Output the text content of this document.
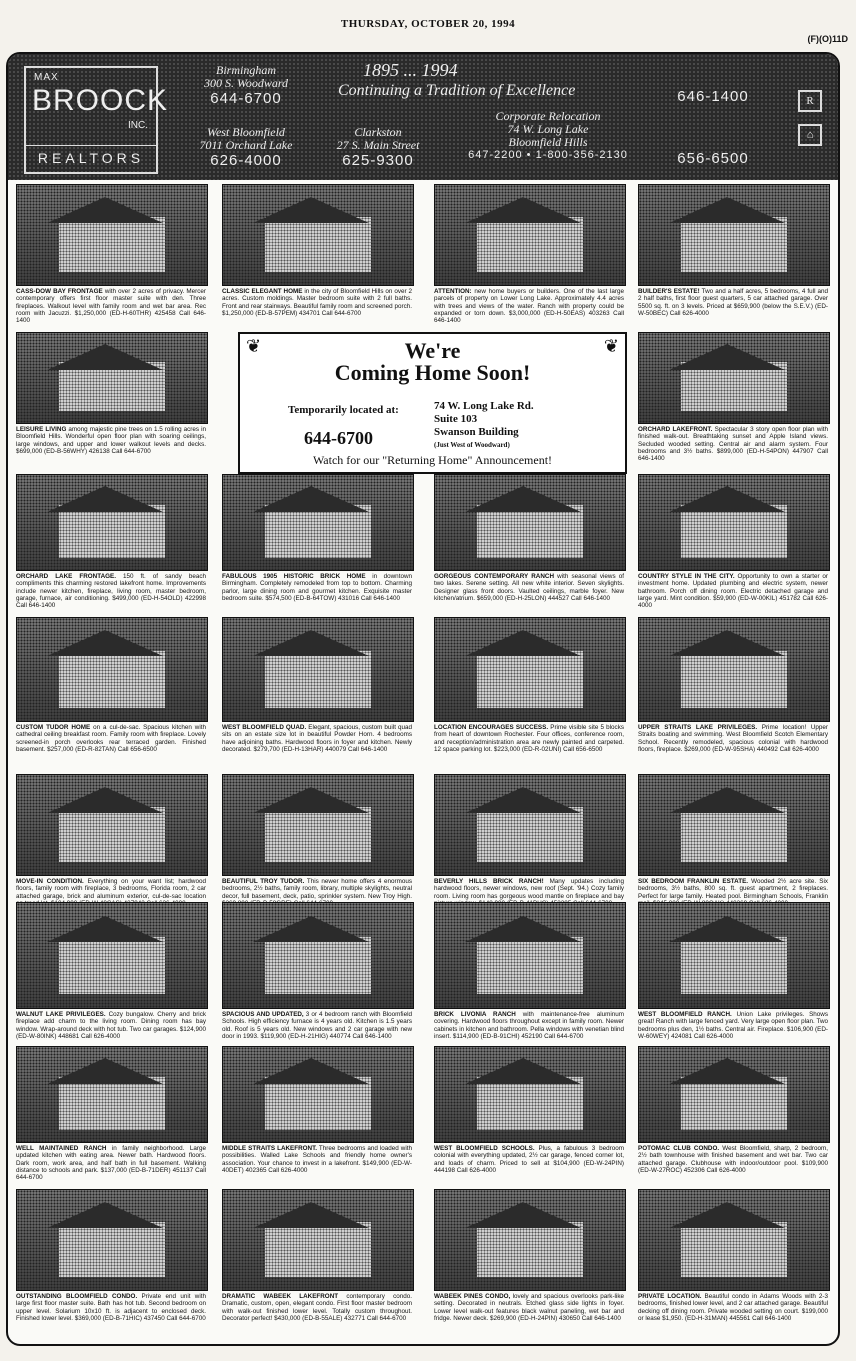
THURSDAY, OCTOBER 20, 1994
(F)(O)11D
MAX
BROOCK
INC.
REALTORS
Birmingham
300 S. Woodward
644-6700
West Bloomfield
7011 Orchard Lake
626-4000
Clarkston
27 S. Main Street
625-9300
Corporate Relocation
74 W. Long Lake
Bloomfield Hills
647-2200 • 1-800-356-2130
646-1400
656-6500
1895 ... 1994
Continuing a Tradition of Excellence
R
⌂
CASS-DOW BAY FRONTAGE with over 2 acres of privacy. Mercer contemporary offers first floor master suite with den. Three fireplaces. Walkout level with family room and wet bar area. Rec room with Jacuzzi. $1,250,000 (ED-H-60THR) 425458 Call 646-1400
CLASSIC ELEGANT HOME in the city of Bloomfield Hills on over 2 acres. Custom moldings. Master bedroom suite with 2 full baths. Front and rear stairways. Beautiful family room and screened porch. $1,250,000 (ED-B-57PEM) 434701 Call 644-6700
ATTENTION: new home buyers or builders. One of the last large parcels of property on Lower Long Lake. Approximately 4.4 acres with trees and views of the water. Ranch with property could be expanded or torn down. $3,000,000 (ED-H-50EAS) 403263 Call 646-1400
BUILDER'S ESTATE! Two and a half acres, 5 bedrooms, 4 full and 2 half baths, first floor guest quarters, 5 car attached garage. Over 5500 sq. ft. on 3 levels. Priced at $659,900 (below the S.E.V.) (ED-W-50BEC) Call 626-4000
LEISURE LIVING among majestic pine trees on 1.5 rolling acres in Bloomfield Hills. Wonderful open floor plan with soaring ceilings, large windows, and upper and lower walkout levels and decks. $699,000 (ED-B-56WHY) 426138 Call 644-6700
ORCHARD LAKEFRONT. Spectacular 3 story open floor plan with finished walk-out. Breathtaking sunset and Apple Island views. Secluded wooded setting. Central air and alarm system. Four bedrooms and 3½ baths. $899,000 (ED-H-54PON) 447907 Call 646-1400
ORCHARD LAKE FRONTAGE. 150 ft. of sandy beach compliments this charming restored lakefront home. Improvements include newer kitchen, fireplace, living room, master bedroom, garage, furnace, air conditioning. $499,000 (ED-H-54OLD) 422998 Call 646-1400
FABULOUS 1905 HISTORIC BRICK HOME in downtown Birmingham. Completely remodeled from top to bottom. Charming parlor, large dining room and gourmet kitchen. Exquisite master bedroom suite. $574,500 (ED-B-64TOW) 431016 Call 646-1400
GORGEOUS CONTEMPORARY RANCH with seasonal views of two lakes. Serene setting. All new white interior. Seven skylights. Designer glass front doors. Vaulted ceilings, marble foyer. New kitchen/atrium. $659,000 (ED-H-25LON) 444527 Call 646-1400
COUNTRY STYLE IN THE CITY. Opportunity to own a starter or investment home. Updated plumbing and electric system, newer bathroom. Porch off dining room. Electric detached garage and large yard. Mint condition. $59,900 (ED-W-00KIL) 451782 Call 626-4000
CUSTOM TUDOR HOME on a cul-de-sac. Spacious kitchen with cathedral ceiling breakfast room. Family room with fireplace. Lovely screened-in porch overlooks rear terraced garden. Finished basement. $257,000 (ED-R-82TAN) Call 656-6500
WEST BLOOMFIELD QUAD. Elegant, spacious, custom built quad sits on an estate size lot in beautiful Powder Horn. 4 bedrooms have adjoining baths. Hardwood floors in foyer and kitchen. Newly decorated. $279,700 (ED-H-13HAR) 440079 Call 646-1400
LOCATION ENCOURAGES SUCCESS. Prime visible site 5 blocks from heart of downtown Rochester. Four offices, conference room, and reception/administration area are newly painted and carpeted. 12 space parking lot. $223,000 (ED-R-02UNI) Call 656-6500
UPPER STRAITS LAKE PRIVILEGES. Prime location! Upper Straits boating and swimming. West Bloomfield Scotch Elementary School. Recently remodeled, spacious colonial with hardwood floors, fireplace. $269,000 (ED-W-95SHA) 440492 Call 626-4000
MOVE-IN CONDITION. Everything on your want list; hardwood floors, family room with fireplace, 3 bedrooms, Florida room, 2 car attached garage, brick and aluminum exterior, cul-de-sac location
BEAUTIFUL TROY TUDOR. This newer home offers 4 enormous bedrooms, 2½ baths, family room, library, multiple skylights, neutral decor, full basement, deck, patio, sprinkler system. New Troy High.
BEVERLY HILLS BRICK RANCH! Many updates including hardwood floors, newer windows, new roof (Sept. '94.) Cozy family room. Living room has gorgeous wood mantle on fireplace and bay
SIX BEDROOM FRANKLIN ESTATE. Wooded 2½ acre site. Six bedrooms, 3½ baths, 800 sq. ft. guest apartment, 2 fireplaces. Perfect for large family. Heated pool. Birmingham Schools, Franklin
WALNUT LAKE PRIVILEGES. Cozy bungalow. Cherry and brick fireplace add charm to the living room. Dining room has bay window. Wrap-around deck with hot tub. Two car garages. $124,900 (ED-W-80INK) 448681 Call 626-4000
SPACIOUS AND UPDATED, 3 or 4 bedroom ranch with Bloomfield Schools. High efficiency furnace is 4 years old. Kitchen is 1.5 years old. Roof is 5 years old. New windows and 2 car garage with new door in 1993. $119,900 (ED-H-21HIG) 440774 Call 646-1400
BRICK LIVONIA RANCH with maintenance-free aluminum covering. Hardwood floors throughout except in family room. Newer cabinets in kitchen and bathroom. Pella windows with venetian blind insert. $114,900 (ED-B-91CHI) 452190 Call 644-6700
WEST BLOOMFIELD RANCH. Union Lake privileges. Shows great! Ranch with large fenced yard. Very large open floor plan. Two bedrooms plus den, 1½ baths. Central air. Fireplace. $106,900 (ED-W-60WEY) 424081 Call 626-4000
WELL MAINTAINED RANCH in family neighborhood. Large updated kitchen with eating area. Newer bath. Hardwood floors. Dark room, work area, and half bath in full basement. Walking distance to schools and park. $137,000 (ED-B-71DER) 451137 Call 644-6700
MIDDLE STRAITS LAKEFRONT. Three bedrooms and loaded with possibilities. Walled Lake Schools and friendly home owner's association. Your chance to invest in a lakefront. $149,900 (ED-W-40DET) 402365 Call 626-4000
WEST BLOOMFIELD SCHOOLS. Plus, a fabulous 3 bedroom colonial with everything updated, 2½ car garage, fenced corner lot, and loads of charm. Priced to sell at $104,900 (ED-W-24PIN) 444198 Call 626-4000
POTOMAC CLUB CONDO. West Bloomfield, sharp, 2 bedroom, 2½ bath townhouse with finished basement and wet bar. Two car attached garage. Clubhouse with indoor/outdoor pool. $109,900 (ED-W-27ROC) 452306 Call 626-4000
OUTSTANDING BLOOMFIELD CONDO. Private end unit with large first floor master suite. Bath has hot tub. Second bedroom on upper level. Solarium 10x10 ft. is adjacent to enclosed deck. Finished lower level. $369,000 (ED-B-71HIC) 437450 Call 644-6700
DRAMATIC WABEEK LAKEFRONT contemporary condo. Dramatic, custom, open, elegant condo. First floor master bedroom with walk-out finished lower level. Totally custom throughout. Decorator perfect! $430,000 (ED-B-55ALE) 432771 Call 644-6700
WABEEK PINES CONDO, lovely and spacious overlooks park-like setting. Decorated in neutrals. Etched glass side lights in foyer. Lower level walk-out features black walnut paneling, wet bar and fridge. Newer deck. $269,900 (ED-H-24PIN) 430650 Call 646-1400
PRIVATE LOCATION. Beautiful condo in Adams Woods with 2-3 bedrooms, finished lower level, and 2 car attached garage. Beautiful decking off dining room. Private wooded setting on court. $199,000 or lease $1,950. (ED-H-31MAN) 445561 Call 646-1400
❦	❦
We're
Coming Home Soon!
Temporarily located at:
644-6700
74 W. Long Lake Rd.
Suite 103
Swanson Building
(Just West of Woodward)
Watch for our "Returning Home" Announcement!
